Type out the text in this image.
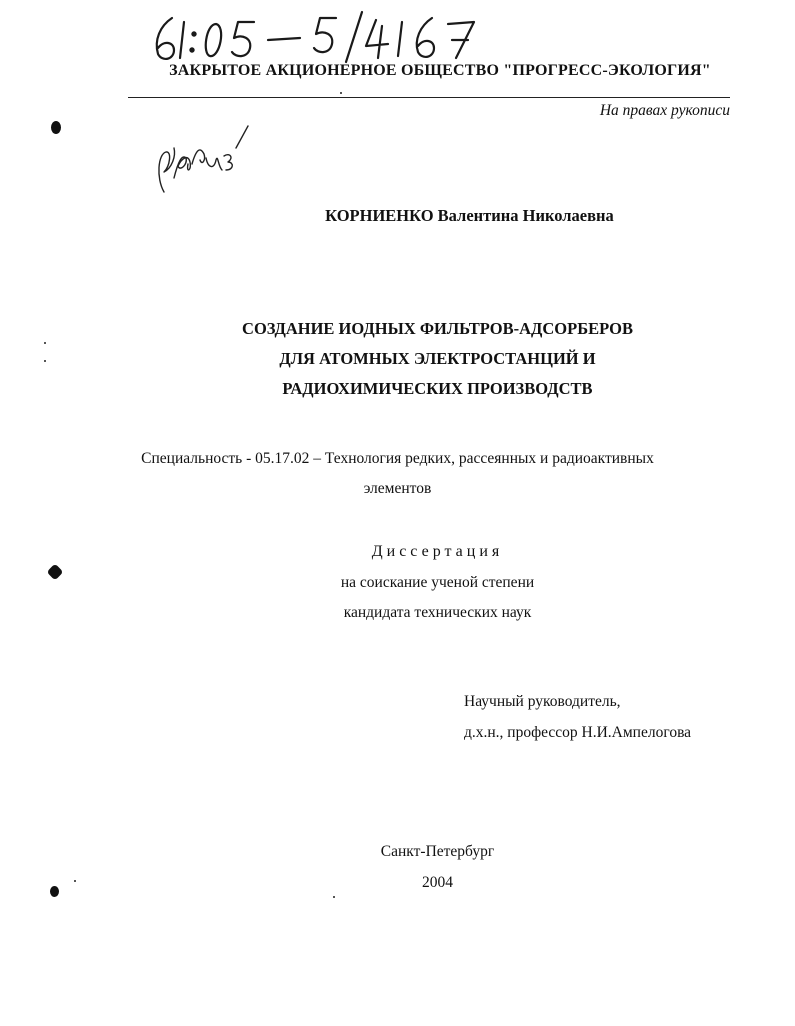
ЗАКРЫТОЕ АКЦИОНЕРНОЕ ОБЩЕСТВО "ПРОГРЕСС-ЭКОЛОГИЯ"
На правах рукописи
КОРНИЕНКО Валентина Николаевна
СОЗДАНИЕ ИОДНЫХ ФИЛЬТРОВ-АДСОРБЕРОВ
ДЛЯ АТОМНЫХ ЭЛЕКТРОСТАНЦИЙ И
РАДИОХИМИЧЕСКИХ ПРОИЗВОДСТВ
Специальность - 05.17.02 – Технология редких, рассеянных и радиоактивных
элементов
Диссертация
на соискание ученой степени
кандидата технических наук
Научный руководитель,
д.х.н., профессор Н.И.Ампелогова
Санкт-Петербург
2004
